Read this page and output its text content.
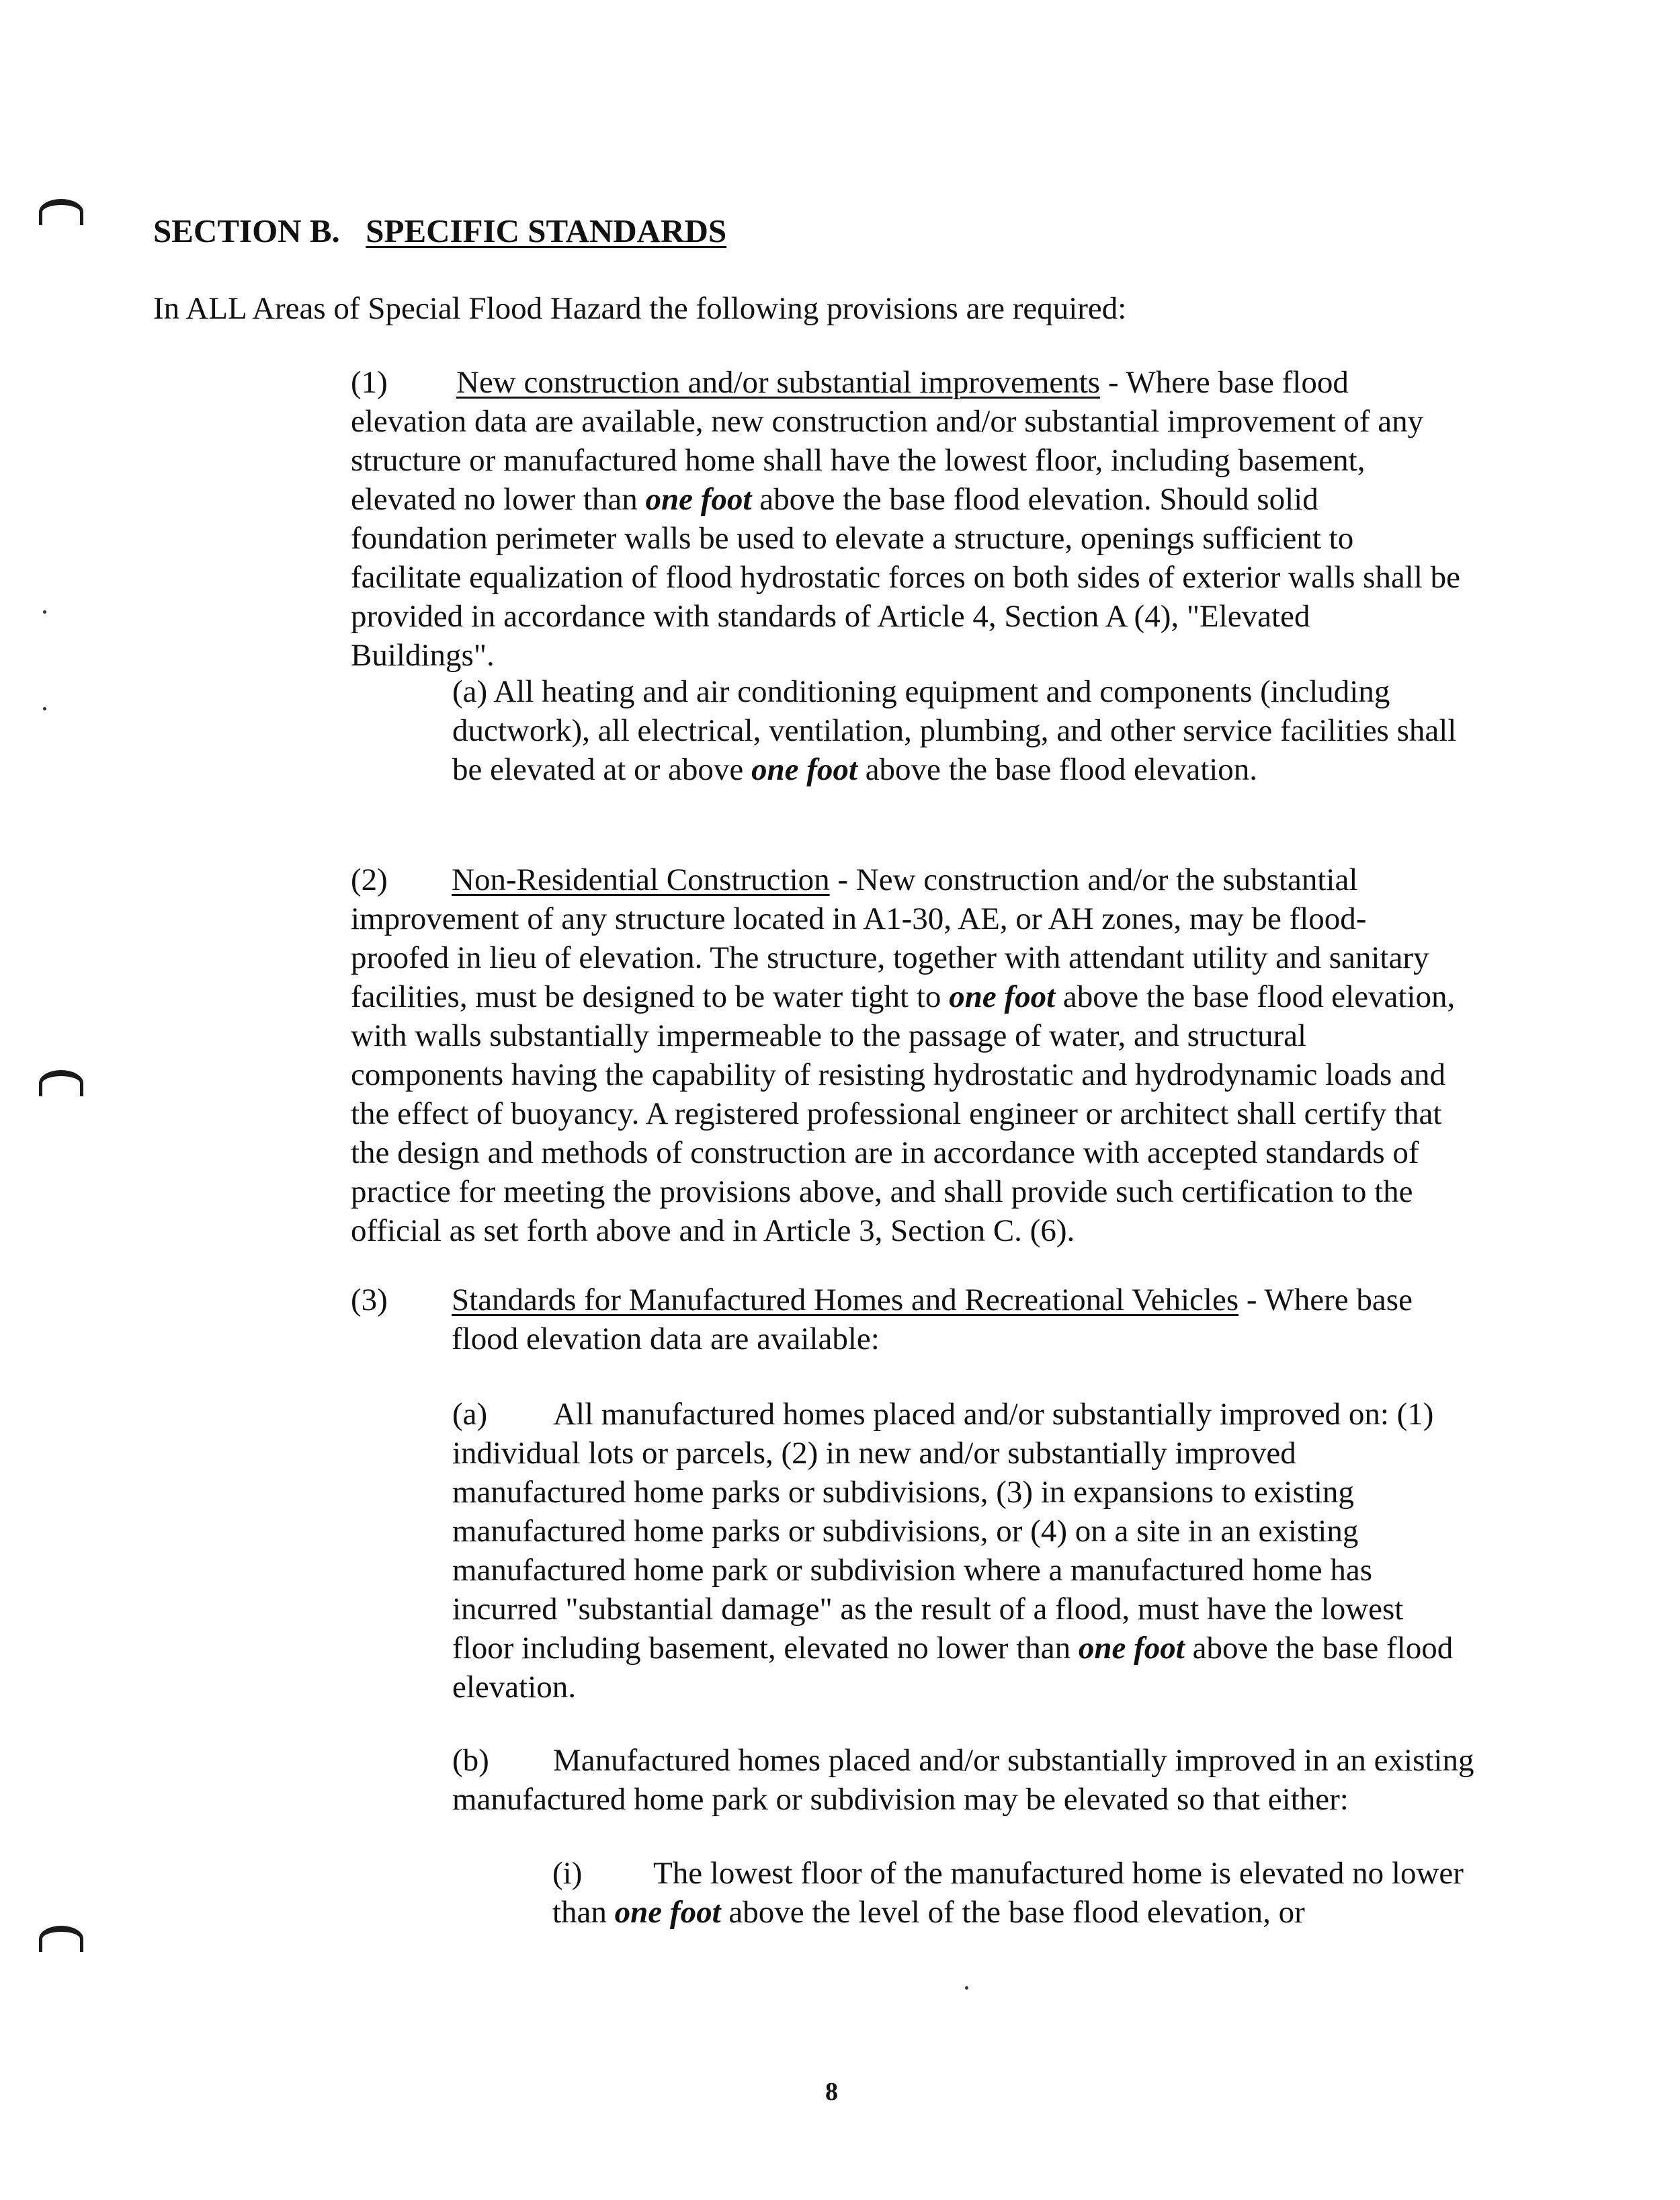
SECTION B. SPECIFIC STANDARDS
In ALL Areas of Special Flood Hazard the following provisions are required:
(1) New construction and/or substantial improvements - Where base flood
elevation data are available, new construction and/or substantial improvement of any
structure or manufactured home shall have the lowest floor, including basement,
elevated no lower than one foot above the base flood elevation. Should solid
foundation perimeter walls be used to elevate a structure, openings sufficient to
facilitate equalization of flood hydrostatic forces on both sides of exterior walls shall be
provided in accordance with standards of Article 4, Section A (4), "Elevated
Buildings".
(a) All heating and air conditioning equipment and components (including
ductwork), all electrical, ventilation, plumbing, and other service facilities shall
be elevated at or above one foot above the base flood elevation.
(2) Non-Residential Construction - New construction and/or the substantial
improvement of any structure located in A1-30, AE, or AH zones, may be flood-
proofed in lieu of elevation. The structure, together with attendant utility and sanitary
facilities, must be designed to be water tight to one foot above the base flood elevation,
with walls substantially impermeable to the passage of water, and structural
components having the capability of resisting hydrostatic and hydrodynamic loads and
the effect of buoyancy. A registered professional engineer or architect shall certify that
the design and methods of construction are in accordance with accepted standards of
practice for meeting the provisions above, and shall provide such certification to the
official as set forth above and in Article 3, Section C. (6).
(3) Standards for Manufactured Homes and Recreational Vehicles - Where base
flood elevation data are available:
(a) All manufactured homes placed and/or substantially improved on: (1)
individual lots or parcels, (2) in new and/or substantially improved
manufactured home parks or subdivisions, (3) in expansions to existing
manufactured home parks or subdivisions, or (4) on a site in an existing
manufactured home park or subdivision where a manufactured home has
incurred "substantial damage" as the result of a flood, must have the lowest
floor including basement, elevated no lower than one foot above the base flood
elevation.
(b) Manufactured homes placed and/or substantially improved in an existing
manufactured home park or subdivision may be elevated so that either:
(i) The lowest floor of the manufactured home is elevated no lower
than one foot above the level of the base flood elevation, or
8
